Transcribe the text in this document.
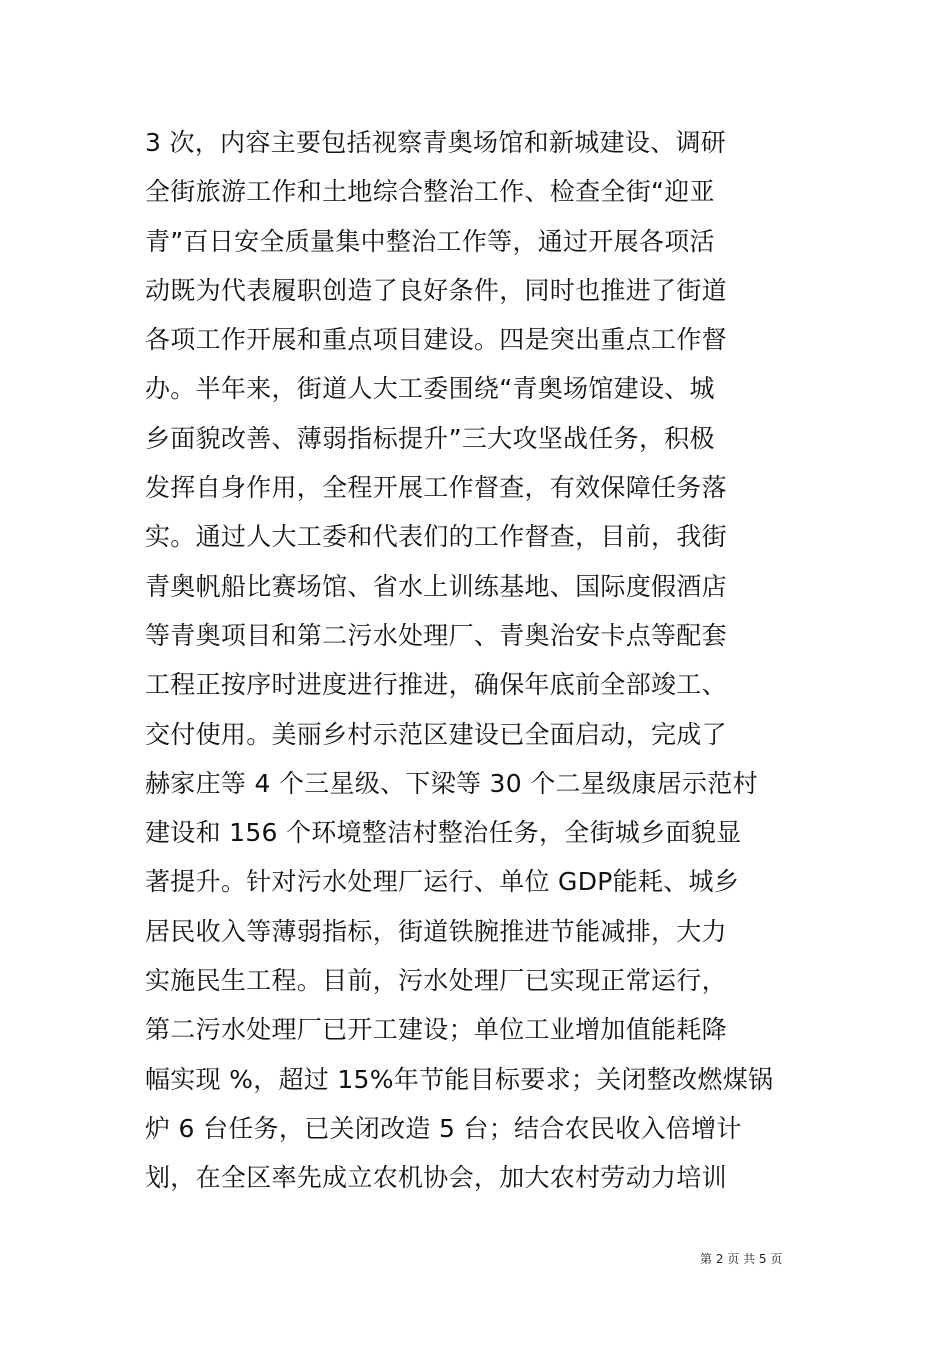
3 次，内容主要包括视察青奥场馆和新城建设、调研
全街旅游工作和土地综合整治工作、检查全街“迎亚
青”百日安全质量集中整治工作等，通过开展各项活
动既为代表履职创造了良好条件，同时也推进了街道
各项工作开展和重点项目建设。四是突出重点工作督
办。半年来，街道人大工委围绕“青奥场馆建设、城
乡面貌改善、薄弱指标提升”三大攻坚战任务，积极
发挥自身作用，全程开展工作督查，有效保障任务落
实。通过人大工委和代表们的工作督查，目前，我街
青奥帆船比赛场馆、省水上训练基地、国际度假酒店
等青奥项目和第二污水处理厂、青奥治安卡点等配套
工程正按序时进度进行推进，确保年底前全部竣工、
交付使用。美丽乡村示范区建设已全面启动，完成了
赫家庄等 4 个三星级、下梁等 30 个二星级康居示范村
建设和 156 个环境整洁村整治任务，全街城乡面貌显
著提升。针对污水处理厂运行、单位 GDP能耗、城乡
居民收入等薄弱指标，街道铁腕推进节能减排，大力
实施民生工程。目前，污水处理厂已实现正常运行，
第二污水处理厂已开工建设；单位工业增加值能耗降
幅实现 %，超过 15%年节能目标要求；关闭整改燃煤锅
炉 6 台任务，已关闭改造 5 台；结合农民收入倍增计
划，在全区率先成立农机协会，加大农村劳动力培训
第 2 页 共 5 页
